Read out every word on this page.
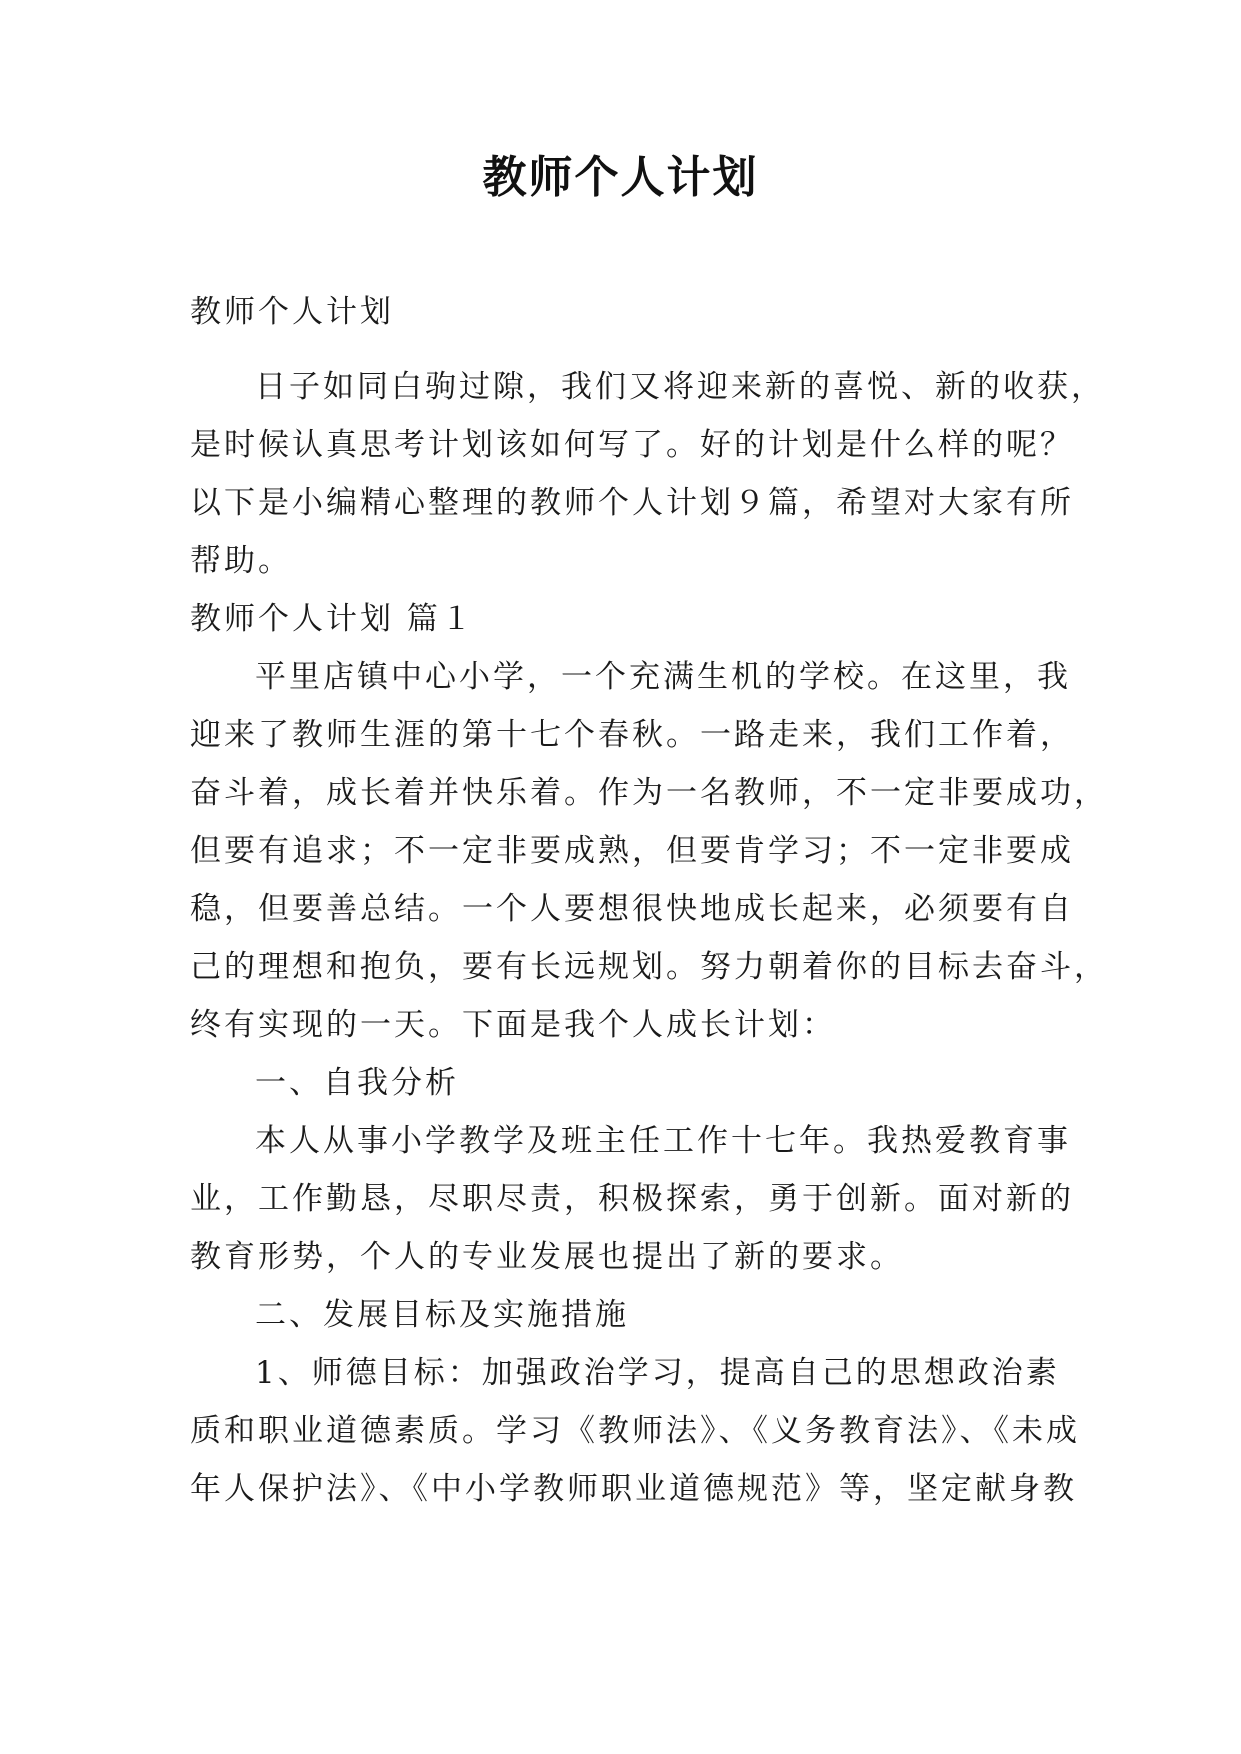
教师个人计划
教师个人计划
日子如同白驹过隙，我们又将迎来新的喜悦、新的收获，
是时候认真思考计划该如何写了。好的计划是什么样的呢？
以下是小编精心整理的教师个人计划９篇，希望对大家有所
帮助。
教师个人计划 篇１
平里店镇中心小学，一个充满生机的学校。在这里，我
迎来了教师生涯的第十七个春秋。一路走来，我们工作着，
奋斗着，成长着并快乐着。作为一名教师，不一定非要成功，
但要有追求；不一定非要成熟，但要肯学习；不一定非要成
稳，但要善总结。一个人要想很快地成长起来，必须要有自
己的理想和抱负，要有长远规划。努力朝着你的目标去奋斗，
终有实现的一天。下面是我个人成长计划：
一、自我分析
本人从事小学教学及班主任工作十七年。我热爱教育事
业，工作勤恳，尽职尽责，积极探索，勇于创新。面对新的
教育形势，个人的专业发展也提出了新的要求。
二、发展目标及实施措施
1、师德目标：加强政治学习，提高自己的思想政治素
质和职业道德素质。学习《教师法》、《义务教育法》、《未成
年人保护法》、《中小学教师职业道德规范》等，坚定献身教
